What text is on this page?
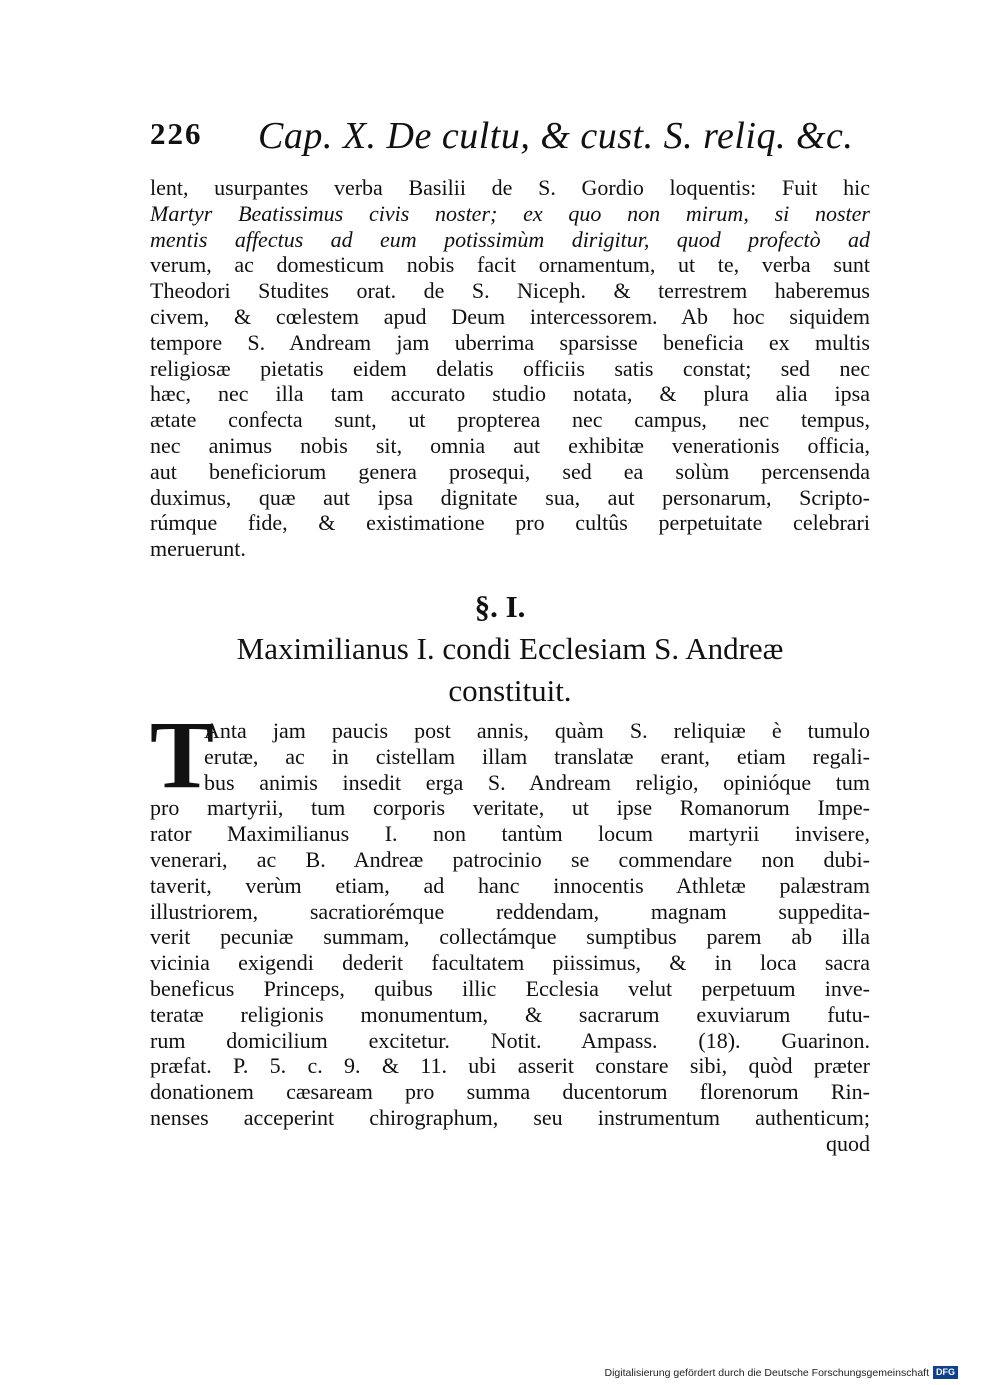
226 Cap. X. De cultu, & cust. S. reliq. &c.
lent, usurpantes verba Basilii de S. Gordio loquentis: Fuit hic
Martyr Beatissimus civis noster; ex quo non mirum, si noster
mentis affectus ad eum potissimùm dirigitur, quod profectò ad
verum, ac domesticum nobis facit ornamentum, ut te, verba sunt
Theodori Studites orat. de S. Niceph. & terrestrem haberemus
civem, & cœlestem apud Deum intercessorem. Ab hoc siquidem
tempore S. Andream jam uberrima sparsisse beneficia ex multis
religiosæ pietatis eidem delatis officiis satis constat; sed nec
hæc, nec illa tam accurato studio notata, & plura alia ipsa
ætate confecta sunt, ut propterea nec campus, nec tempus,
nec animus nobis sit, omnia aut exhibitæ venerationis officia,
aut beneficiorum genera prosequi, sed ea solùm percensenda
duximus, quæ aut ipsa dignitate sua, aut personarum, Scripto-
rúmque fide, & existimatione pro cultûs perpetuitate celebrari
meruerunt.
§. I.
Maximilianus I. condi Ecclesiam S. Andreæ
constituit.
T
Anta jam paucis post annis, quàm S. reliquiæ è tumulo
erutæ, ac in cistellam illam translatæ erant, etiam regali-
bus animis insedit erga S. Andream religio, opinióque tum
pro martyrii, tum corporis veritate, ut ipse Romanorum Impe-
rator Maximilianus I. non tantùm locum martyrii invisere,
venerari, ac B. Andreæ patrocinio se commendare non dubi-
taverit, verùm etiam, ad hanc innocentis Athletæ palæstram
illustriorem, sacratiorémque reddendam, magnam suppedita-
verit pecuniæ summam, collectámque sumptibus parem ab illa
vicinia exigendi dederit facultatem piissimus, & in loca sacra
beneficus Princeps, quibus illic Ecclesia velut perpetuum inve-
teratæ religionis monumentum, & sacrarum exuviarum futu-
rum domicilium excitetur. Notit. Ampass. (18). Guarinon.
præfat. P. 5. c. 9. & 11. ubi asserit constare sibi, quòd præter
donationem cæsaream pro summa ducentorum florenorum Rin-
nenses acceperint chirographum, seu instrumentum authenticum;
quod
Digitalisierung gefördert durch die Deutsche Forschungsgemeinschaft DFG
